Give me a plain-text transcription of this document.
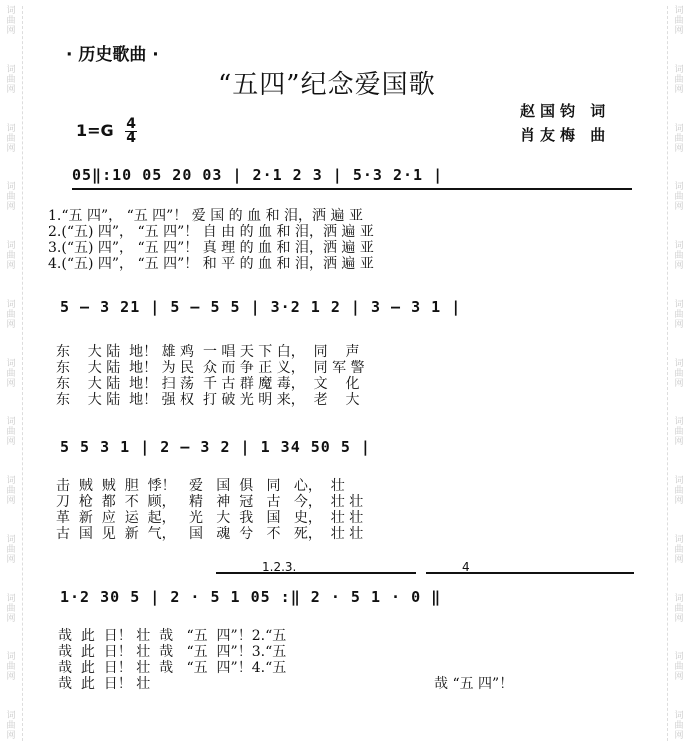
词
曲
网
词
曲
网
词
曲
网
词
曲
网
词
曲
网
词
曲
网
词
曲
网
词
曲
网
词
曲
网
词
曲
网
词
曲
网
词
曲
网
词
曲
网
词
曲
网
词
曲
网
词
曲
网
词
曲
网
词
曲
网
词
曲
网
词
曲
网
词
曲
网
词
曲
网
词
曲
网
词
曲
网
词
曲
网
词
曲
网
· 历史歌曲 ·
“五四”纪念爱国歌
赵国钧 词
肖友梅 曲
$1=G \frac{4}{4}$
05‖:10 05 20 03 | 2·1 2 3 | 5·3 2·1 |
1.“五 四”， “五 四”！ 爱 国 的 血 和 泪，洒 遍 亚
2.(“五) 四”， “五 四”！ 自 由 的 血 和 泪，洒 遍 亚
3.(“五) 四”， “五 四”！ 真 理 的 血 和 泪，洒 遍 亚
4.(“五) 四”， “五 四”！ 和 平 的 血 和 泪，洒 遍 亚
5 — 3 21 | 5 — 5 5 | 3·2 1 2 | 3 — 3 1 |
东    大 陆  地！ 雄 鸡  一 唱 天 下 白，  同    声
东    大 陆  地！ 为 民  众 而 争 正 义，  同 军 警
东    大 陆  地！ 扫 荡  千 古 群 魔 毒，  文    化
东    大 陆  地！ 强 权  打 破 光 明 来，  老    大
5 5 3 1 | 2 — 3 2 | 1 34 50 5 |
击  贼  贼  胆  悸！   爱   国  俱   同   心，  壮
刀  枪  都  不  顾，   精   神  冠   古   今，  壮 壮
革  新  应  运  起，   光   大  我   国   史，  壮 壮
古  国  见  新  气，   国   魂  兮   不   死，  壮 壮
1.2.3.	4
1·2 30 5 | 2 · 5 1 05 :‖ 2 · 5 1 · 0 ‖
哉  此  日！ 壮  哉   “五  四”！2.“五
哉  此  日！ 壮  哉   “五  四”！3.“五
哉  此  日！ 壮  哉   “五  四”！4.“五
哉  此  日！ 壮	哉 “五 四”！
